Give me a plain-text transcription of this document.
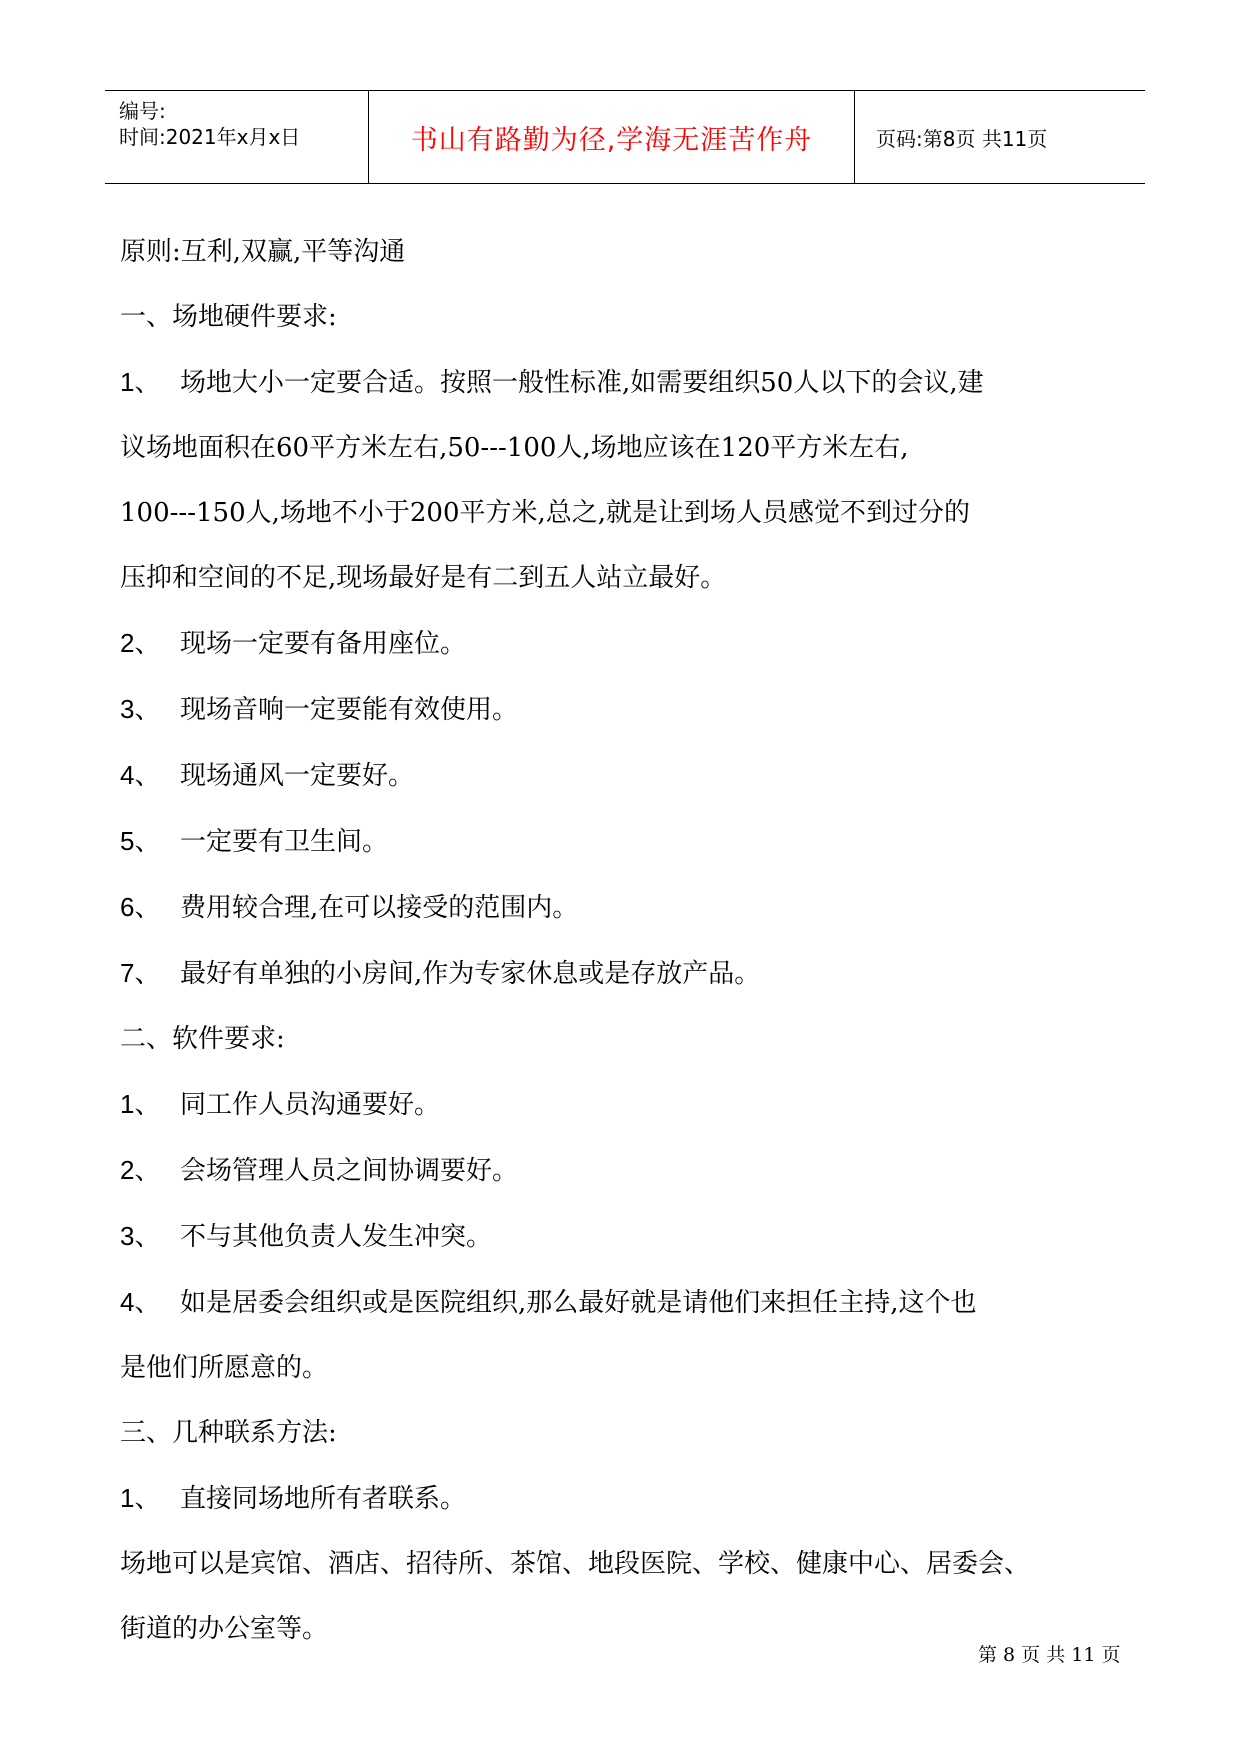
编号:
时间:2021年x月x日	书山有路勤为径,学海无涯苦作舟	页码:第8页 共11页

原则:互利,双赢,平等沟通

一、场地硬件要求:

1、 场地大小一定要合适。按照一般性标准,如需要组织50人以下的会议,建

议场地面积在60平方米左右,50---100人,场地应该在120平方米左右,

100---150人,场地不小于200平方米,总之,就是让到场人员感觉不到过分的

压抑和空间的不足,现场最好是有二到五人站立最好。

2、 现场一定要有备用座位。

3、 现场音响一定要能有效使用。

4、 现场通风一定要好。

5、 一定要有卫生间。

6、 费用较合理,在可以接受的范围内。

7、 最好有单独的小房间,作为专家休息或是存放产品。

二、软件要求:

1、 同工作人员沟通要好。

2、 会场管理人员之间协调要好。

3、 不与其他负责人发生冲突。

4、 如是居委会组织或是医院组织,那么最好就是请他们来担任主持,这个也

是他们所愿意的。

三、几种联系方法:

1、 直接同场地所有者联系。

场地可以是宾馆、酒店、招待所、茶馆、地段医院、学校、健康中心、居委会、

街道的办公室等。

第 8 页 共 11 页
